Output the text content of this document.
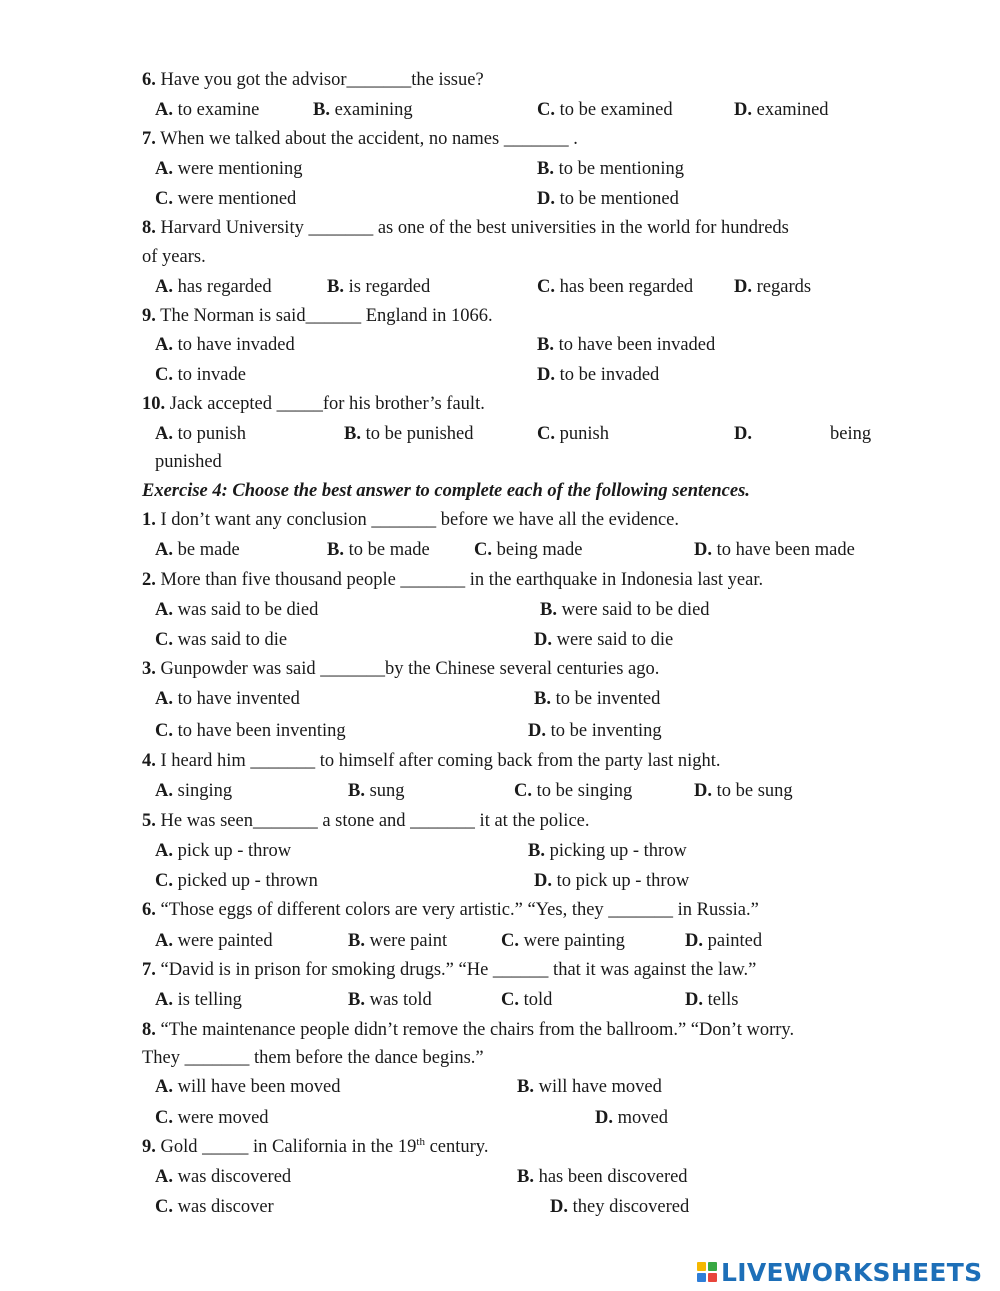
6. Have you got the advisor_______the issue?
A. to examine	B. examining	C. to be examined	D. examined
7. When we talked about the accident, no names _______ .
A. were mentioning	B. to be mentioning
C. were mentioned	D. to be mentioned
8. Harvard University _______ as one of the best universities in the world for hundreds
of years.
A. has regarded	B. is regarded	C. has been regarded D. regards
9. The Norman is said______ England in 1066.
A. to have invaded	B. to have been invaded
C. to invade	D. to be invaded
10. Jack accepted _____for his brother’s fault.
A. to punish	B. to be punished	C. punish	D.	being
punished
Exercise 4: Choose the best answer to complete each of the following sentences.
1. I don’t want any conclusion _______ before we have all the evidence.
A. be made	B. to be made C. being made	D. to have been made
2. More than five thousand people _______ in the earthquake in Indonesia last year.
A. was said to be died	B. were said to be died
C. was said to die	D. were said to die
3. Gunpowder was said _______by the Chinese several centuries ago.
A. to have invented	B. to be invented
C. to have been inventing	D. to be inventing
4. I heard him _______ to himself after coming back from the party last night.
A. singing	B. sung	C. to be singing	D. to be sung
5. He was seen_______ a stone and _______ it at the police.
A. pick up - throw	B. picking up - throw
C. picked up - thrown	D. to pick up - throw
6. “Those eggs of different colors are very artistic.” “Yes, they _______ in Russia.”
A. were painted	B. were paint	C. were painting	D. painted
7. “David is in prison for smoking drugs.” “He ______ that it was against the law.”
A. is telling	B. was told	C. told	D. tells
8. “The maintenance people didn’t remove the chairs from the ballroom.” “Don’t worry.
They _______ them before the dance begins.”
A. will have been moved	B. will have moved
C. were moved	D. moved
9. Gold _____ in California in the 19th century.
A. was discovered	B. has been discovered
C. was discover	D. they discovered
LIVEWORKSHEETS
